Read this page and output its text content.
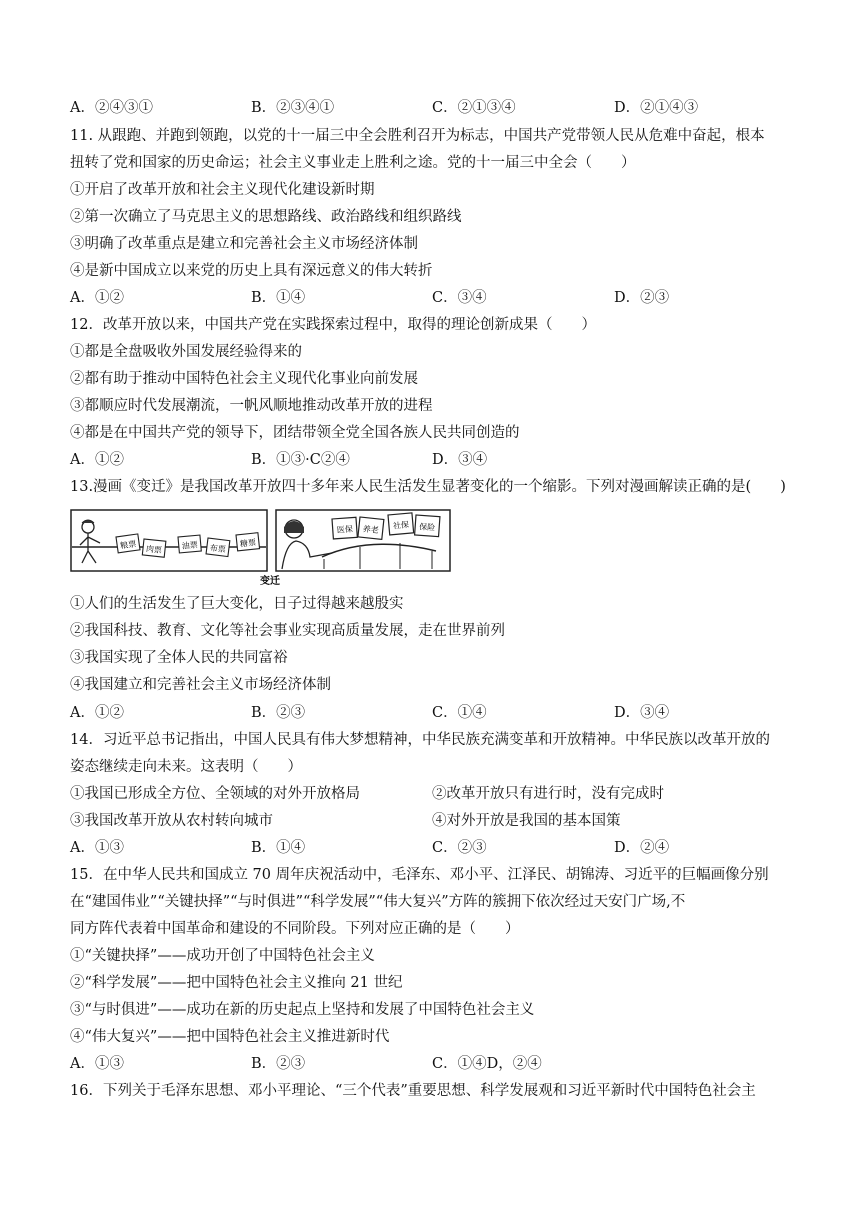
A．②④③①	B．②③④①	C．②①③④	D．②①④③
11. 从跟跑、并跑到领跑，以党的十一届三中全会胜利召开为标志，中国共产党带领人民从危难中奋起，根本
扭转了党和国家的历史命运；社会主义事业走上胜利之途。党的十一届三中全会（　　）
①开启了改革开放和社会主义现代化建设新时期
②第一次确立了马克思主义的思想路线、政治路线和组织路线
③明确了改革重点是建立和完善社会主义市场经济体制
④是新中国成立以来党的历史上具有深远意义的伟大转折
A．①②	B．①④	C．③④	D．②③
12．改革开放以来，中国共产党在实践探索过程中，取得的理论创新成果（　　）
①都是全盘吸收外国发展经验得来的
②都有助于推动中国特色社会主义现代化事业向前发展
③都顺应时代发展潮流，一帆风顺地推动改革开放的进程
④都是在中国共产党的领导下，团结带领全党全国各族人民共同创造的
A．①②	B．①③·C②④	D．③④
13.漫画《变迁》是我国改革开放四十多年来人民生活发生显著变化的一个缩影。下列对漫画解读正确的是(　　)
粮票 肉票 油票 布票
糖票
医保 养老 社保 保险
变迁
①人们的生活发生了巨大变化，日子过得越来越殷实
②我国科技、教育、文化等社会事业实现高质量发展，走在世界前列
③我国实现了全体人民的共同富裕
④我国建立和完善社会主义市场经济体制
A．①②	B．②③	C．①④	D．③④
14．习近平总书记指出，中国人民具有伟大梦想精神，中华民族充满变革和开放精神。中华民族以改革开放的
姿态继续走向未来。这表明（　　）
①我国已形成全方位、全领域的对外开放格局	②改革开放只有进行时，没有完成时
③我国改革开放从农村转向城市	④对外开放是我国的基本国策
A．①③	B．①④	C．②③	D．②④
15．在中华人民共和国成立 70 周年庆祝活动中，毛泽东、邓小平、江泽民、胡锦涛、习近平的巨幅画像分别
在“建国伟业”“关键抉择”“与时俱进”“科学发展”“伟大复兴”方阵的簇拥下依次经过天安门广场,不
同方阵代表着中国革命和建设的不同阶段。下列对应正确的是（　　）
①“关键抉择”——成功开创了中国特色社会主义
②“科学发展”——把中国特色社会主义推向 21 世纪
③“与时俱进”——成功在新的历史起点上坚持和发展了中国特色社会主义
④“伟大复兴”——把中国特色社会主义推进新时代
A．①③	B．②③	C．①④D，②④
16．下列关于毛泽东思想、邓小平理论、“三个代表”重要思想、科学发展观和习近平新时代中国特色社会主
